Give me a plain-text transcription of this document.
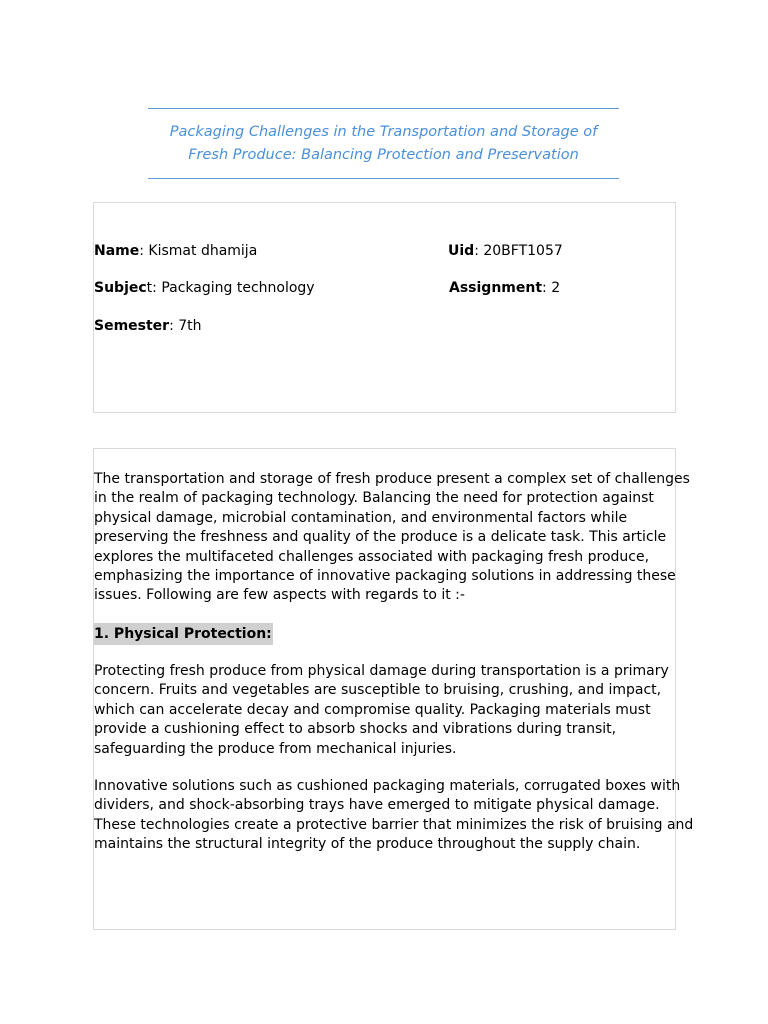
Packaging Challenges in the Transportation and Storage of
Fresh Produce: Balancing Protection and Preservation
Name: Kismat dhamija	Uid: 20BFT1057
Subject: Packaging technology	Assignment: 2
Semester: 7th
The transportation and storage of fresh produce present a complex set of challenges
in the realm of packaging technology. Balancing the need for protection against
physical damage, microbial contamination, and environmental factors while
preserving the freshness and quality of the produce is a delicate task. This article
explores the multifaceted challenges associated with packaging fresh produce,
emphasizing the importance of innovative packaging solutions in addressing these
issues. Following are few aspects with regards to it :-
1. Physical Protection:
Protecting fresh produce from physical damage during transportation is a primary
concern. Fruits and vegetables are susceptible to bruising, crushing, and impact,
which can accelerate decay and compromise quality. Packaging materials must
provide a cushioning effect to absorb shocks and vibrations during transit,
safeguarding the produce from mechanical injuries.
Innovative solutions such as cushioned packaging materials, corrugated boxes with
dividers, and shock-absorbing trays have emerged to mitigate physical damage.
These technologies create a protective barrier that minimizes the risk of bruising and
maintains the structural integrity of the produce throughout the supply chain.
